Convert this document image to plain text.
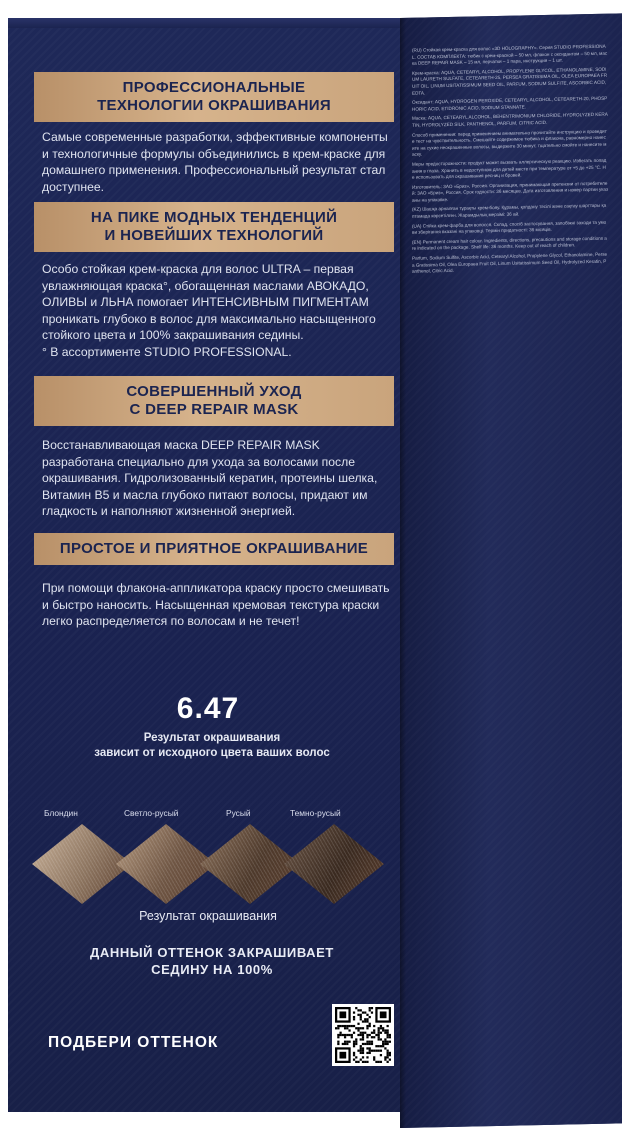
(RU) Стойкая крем-краска для волос «3D HOLOGRAPHY». Серия STUDIO PROFESSIONAL. СОСТАВ КОМПЛЕКТА: тюбик с крем-краской – 50 мл, флакон с оксидантом – 50 мл, маска DEEP REPAIR MASK – 15 мл, перчатки – 1 пара, инструкция – 1 шт.

Крем-краска: AQUA, CETEARYL ALCOHOL, PROPYLENE GLYCOL, ETHANOLAMINE, SODIUM LAURETH SULFATE, CETEARETH-25, PERSEA GRATISSIMA OIL, OLEA EUROPAEA FRUIT OIL, LINUM USITATISSIMUM SEED OIL, PARFUM, SODIUM SULFITE, ASCORBIC ACID, EDTA.

Оксидант: AQUA, HYDROGEN PEROXIDE, CETEARYL ALCOHOL, CETEARETH-20, PHOSPHORIC ACID, ETIDRONIC ACID, SODIUM STANNATE.

Маска: AQUA, CETEARYL ALCOHOL, BEHENTRIMONIUM CHLORIDE, HYDROLYZED KERATIN, HYDROLYZED SILK, PANTHENOL, PARFUM, CITRIC ACID.

Способ применения: перед применением внимательно прочитайте инструкцию и проведите тест на чувствительность. Смешайте содержимое тюбика и флакона, равномерно нанесите на сухие неокрашенные волосы, выдержите 30 минут, тщательно смойте и нанесите маску.

Меры предосторожности: продукт может вызвать аллергическую реакцию. Избегать попадания в глаза. Хранить в недоступном для детей месте при температуре от +5 до +25 °C. Не использовать для окрашивания ресниц и бровей.

Изготовитель: ЗАО «Бриз», Россия. Организация, принимающая претензии от потребителей: ЗАО «Бриз», Россия. Срок годности: 36 месяцев. Дата изготовления и номер партии указаны на упаковке.

(KZ) Шашқа арналған тұрақты крем-бояу. Құрамы, қолдану тәсілі және сақтау шарттары қаптамада көрсетілген. Жарамдылық мерзімі: 36 ай.

(UA) Стійка крем-фарба для волосся. Склад, спосіб застосування, запобіжні заходи та умови зберігання вказані на упаковці. Термін придатності: 36 місяців.

(EN) Permanent cream hair colour. Ingredients, directions, precautions and storage conditions are indicated on the package. Shelf life: 36 months. Keep out of reach of children.

Parfum, Sodium Sulfite, Ascorbic Acid, Cetearyl Alcohol, Propylene Glycol, Ethanolamine, Persea Gratissima Oil, Olea Europaea Fruit Oil, Linum Usitatissimum Seed Oil, Hydrolyzed Keratin, Panthenol, Citric Acid.

ПРОФЕССИОНАЛЬНЫЕ
ТЕХНОЛОГИИ ОКРАШИВАНИЯ
Самые современные разработки, эффективные компоненты и технологичные формулы объединились в крем-краске для домашнего применения. Профессиональный результат стал доступнее.
НА ПИКЕ МОДНЫХ ТЕНДЕНЦИЙ
И НОВЕЙШИХ ТЕХНОЛОГИЙ
Особо стойкая крем-краска для волос ULTRA – первая увлажняющая краска°, обогащенная маслами АВОКАДО, ОЛИВЫ и ЛЬНА помогает ИНТЕНСИВНЫМ ПИГМЕНТАМ проникать глубоко в волос для максимально насыщенного стойкого цвета и 100% закрашивания седины.
° В ассортименте STUDIO PROFESSIONAL.
СОВЕРШЕННЫЙ УХОД
С DEEP REPAIR MASK
Восстанавливающая маска DEEP REPAIR MASK разработана специально для ухода за волосами после окрашивания. Гидролизованный кератин, протеины шелка, Витамин B5 и масла глубоко питают волосы, придают им гладкость и наполняют жизненной энергией.
ПРОСТОЕ И ПРИЯТНОЕ ОКРАШИВАНИЕ
При помощи флакона-аппликатора краску просто смешивать и быстро наносить. Насыщенная кремовая текстура краски легко распределяется по волосам и не течет!
6.47
Результат окрашивания
зависит от исходного цвета ваших волос
Блондин	Светло-русый	Русый	Темно-русый
Результат окрашивания
ДАННЫЙ ОТТЕНОК ЗАКРАШИВАЕТ
СЕДИНУ НА 100%
ПОДБЕРИ ОТТЕНОК
